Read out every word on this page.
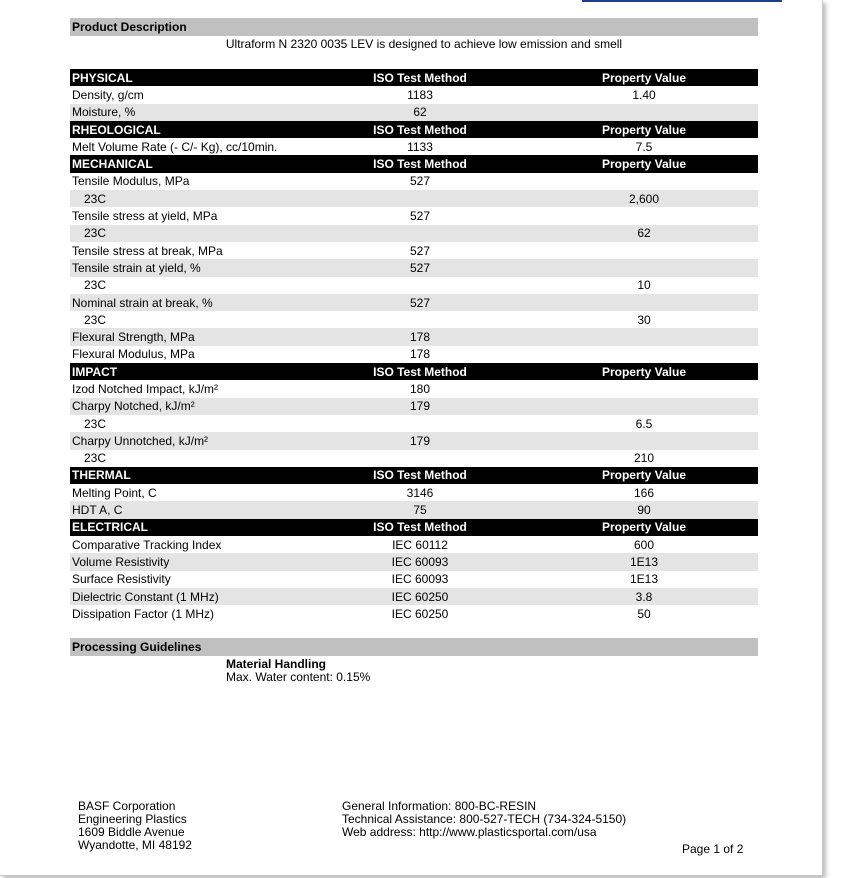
Product Description
Ultraform N 2320 0035 LEV is designed to achieve low emission and smell
PHYSICAL	ISO Test Method	Property Value
Density, g/cm	1183	1.40
Moisture, %	62	
RHEOLOGICAL	ISO Test Method	Property Value
Melt Volume Rate (- C/- Kg), cc/10min.	1133	7.5
MECHANICAL	ISO Test Method	Property Value
Tensile Modulus, MPa	527	
23C		2,600
Tensile stress at yield, MPa	527	
23C		62
Tensile stress at break, MPa	527	
Tensile strain at yield, %	527	
23C		10
Nominal strain at break, %	527	
23C		30
Flexural Strength, MPa	178	
Flexural Modulus, MPa	178	
IMPACT	ISO Test Method	Property Value
Izod Notched Impact, kJ/m²	180	
Charpy Notched, kJ/m²	179	
23C		6.5
Charpy Unnotched, kJ/m²	179	
23C		210
THERMAL	ISO Test Method	Property Value
Melting Point, C	3146	166
HDT A, C	75	90
ELECTRICAL	ISO Test Method	Property Value
Comparative Tracking Index	IEC 60112	600
Volume Resistivity	IEC 60093	1E13
Surface Resistivity	IEC 60093	1E13
Dielectric Constant (1 MHz)	IEC 60250	3.8
Dissipation Factor (1 MHz)	IEC 60250	50
Processing Guidelines
Material Handling
Max. Water content: 0.15%
BASF Corporation
Engineering Plastics
1609 Biddle Avenue
Wyandotte, MI 48192
General Information: 800-BC-RESIN
Technical Assistance: 800-527-TECH (734-324-5150)
Web address: http://www.plasticsportal.com/usa
Page 1 of 2
